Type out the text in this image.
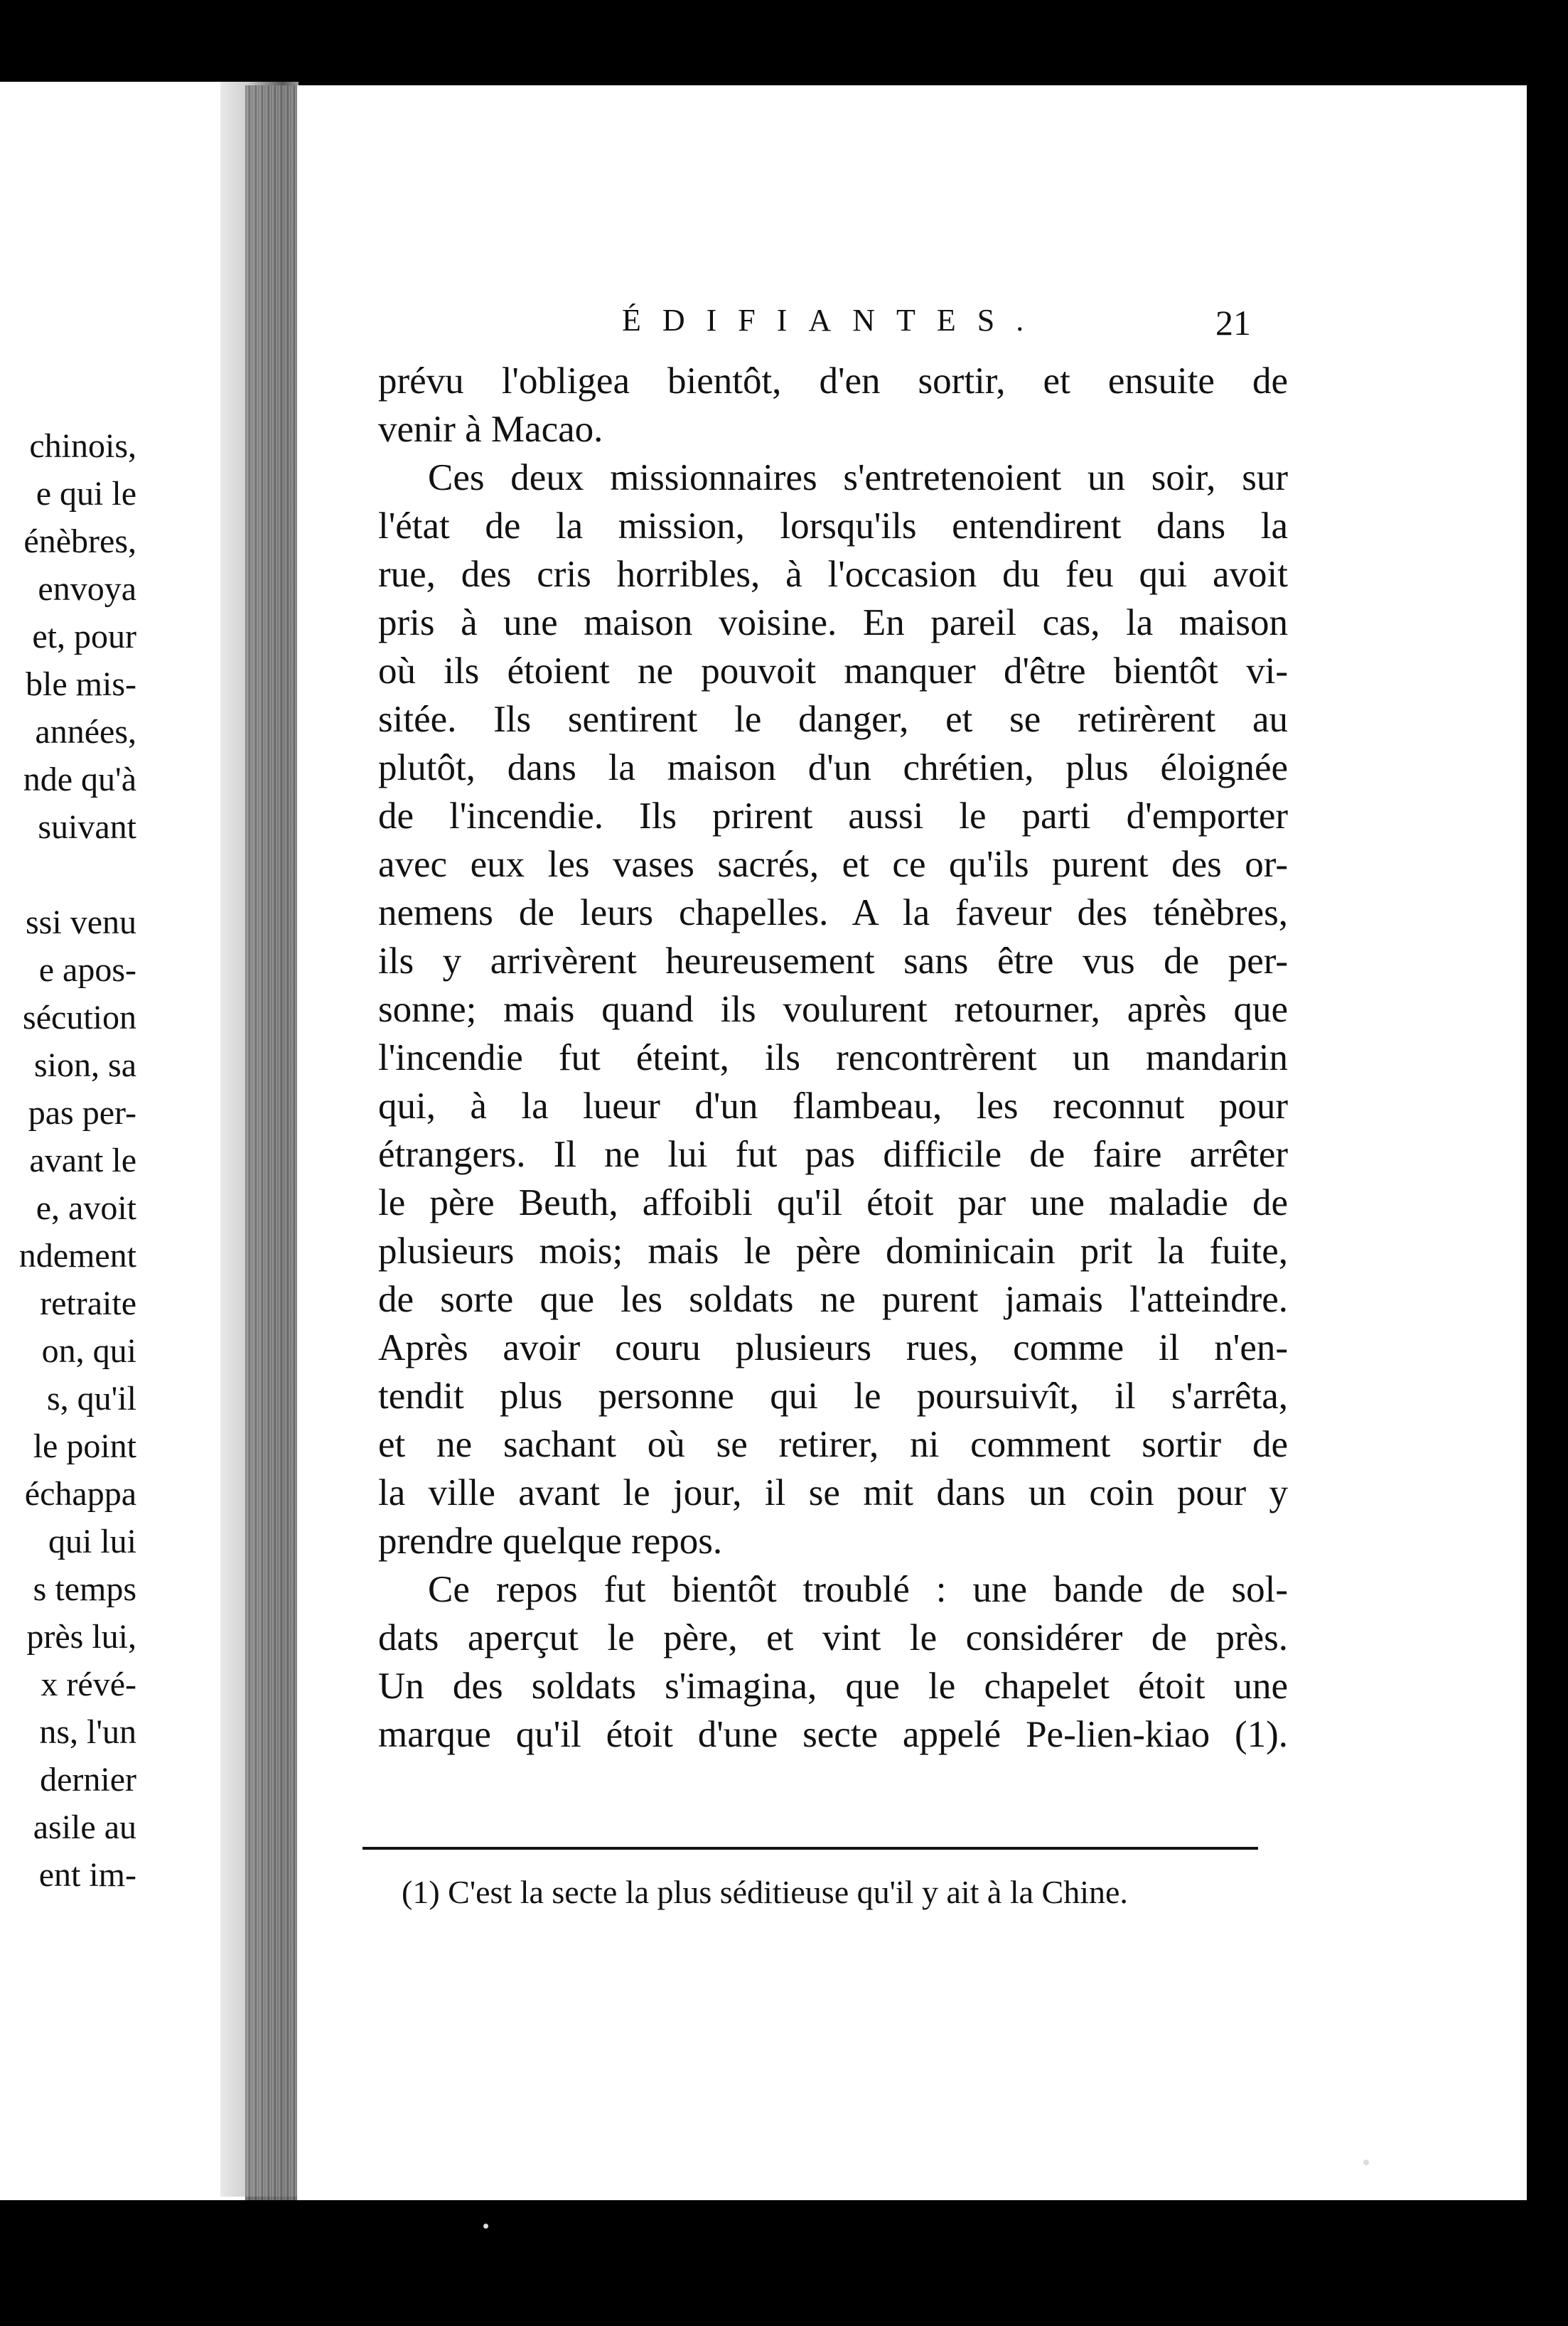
chinois,
e qui le
énèbres,
envoya
et, pour
ble mis-
années,
nde qu'à
suivant
ssi venu
e apos-
sécution
sion, sa
pas per-
avant le
e, avoit
ndement
retraite
on, qui
s, qu'il
le point
échappa
qui lui
s temps
près lui,
x révé-
ns, l'un
dernier
asile au
ent im-
ÉDIFIANTES.	21
prévu l'obligea bientôt, d'en sortir, et ensuite de
venir à Macao.
Ces deux missionnaires s'entretenoient un soir, sur
l'état de la mission, lorsqu'ils entendirent dans la
rue, des cris horribles, à l'occasion du feu qui avoit
pris à une maison voisine. En pareil cas, la maison
où ils étoient ne pouvoit manquer d'être bientôt vi-
sitée. Ils sentirent le danger, et se retirèrent au
plutôt, dans la maison d'un chrétien, plus éloignée
de l'incendie. Ils prirent aussi le parti d'emporter
avec eux les vases sacrés, et ce qu'ils purent des or-
nemens de leurs chapelles. A la faveur des ténèbres,
ils y arrivèrent heureusement sans être vus de per-
sonne; mais quand ils voulurent retourner, après que
l'incendie fut éteint, ils rencontrèrent un mandarin
qui, à la lueur d'un flambeau, les reconnut pour
étrangers. Il ne lui fut pas difficile de faire arrêter
le père Beuth, affoibli qu'il étoit par une maladie de
plusieurs mois; mais le père dominicain prit la fuite,
de sorte que les soldats ne purent jamais l'atteindre.
Après avoir couru plusieurs rues, comme il n'en-
tendit plus personne qui le poursuivît, il s'arrêta,
et ne sachant où se retirer, ni comment sortir de
la ville avant le jour, il se mit dans un coin pour y
prendre quelque repos.
Ce repos fut bientôt troublé : une bande de sol-
dats aperçut le père, et vint le considérer de près.
Un des soldats s'imagina, que le chapelet étoit une
marque qu'il étoit d'une secte appelé Pe-lien-kiao (1).
(1) C'est la secte la plus séditieuse qu'il y ait à la Chine.
